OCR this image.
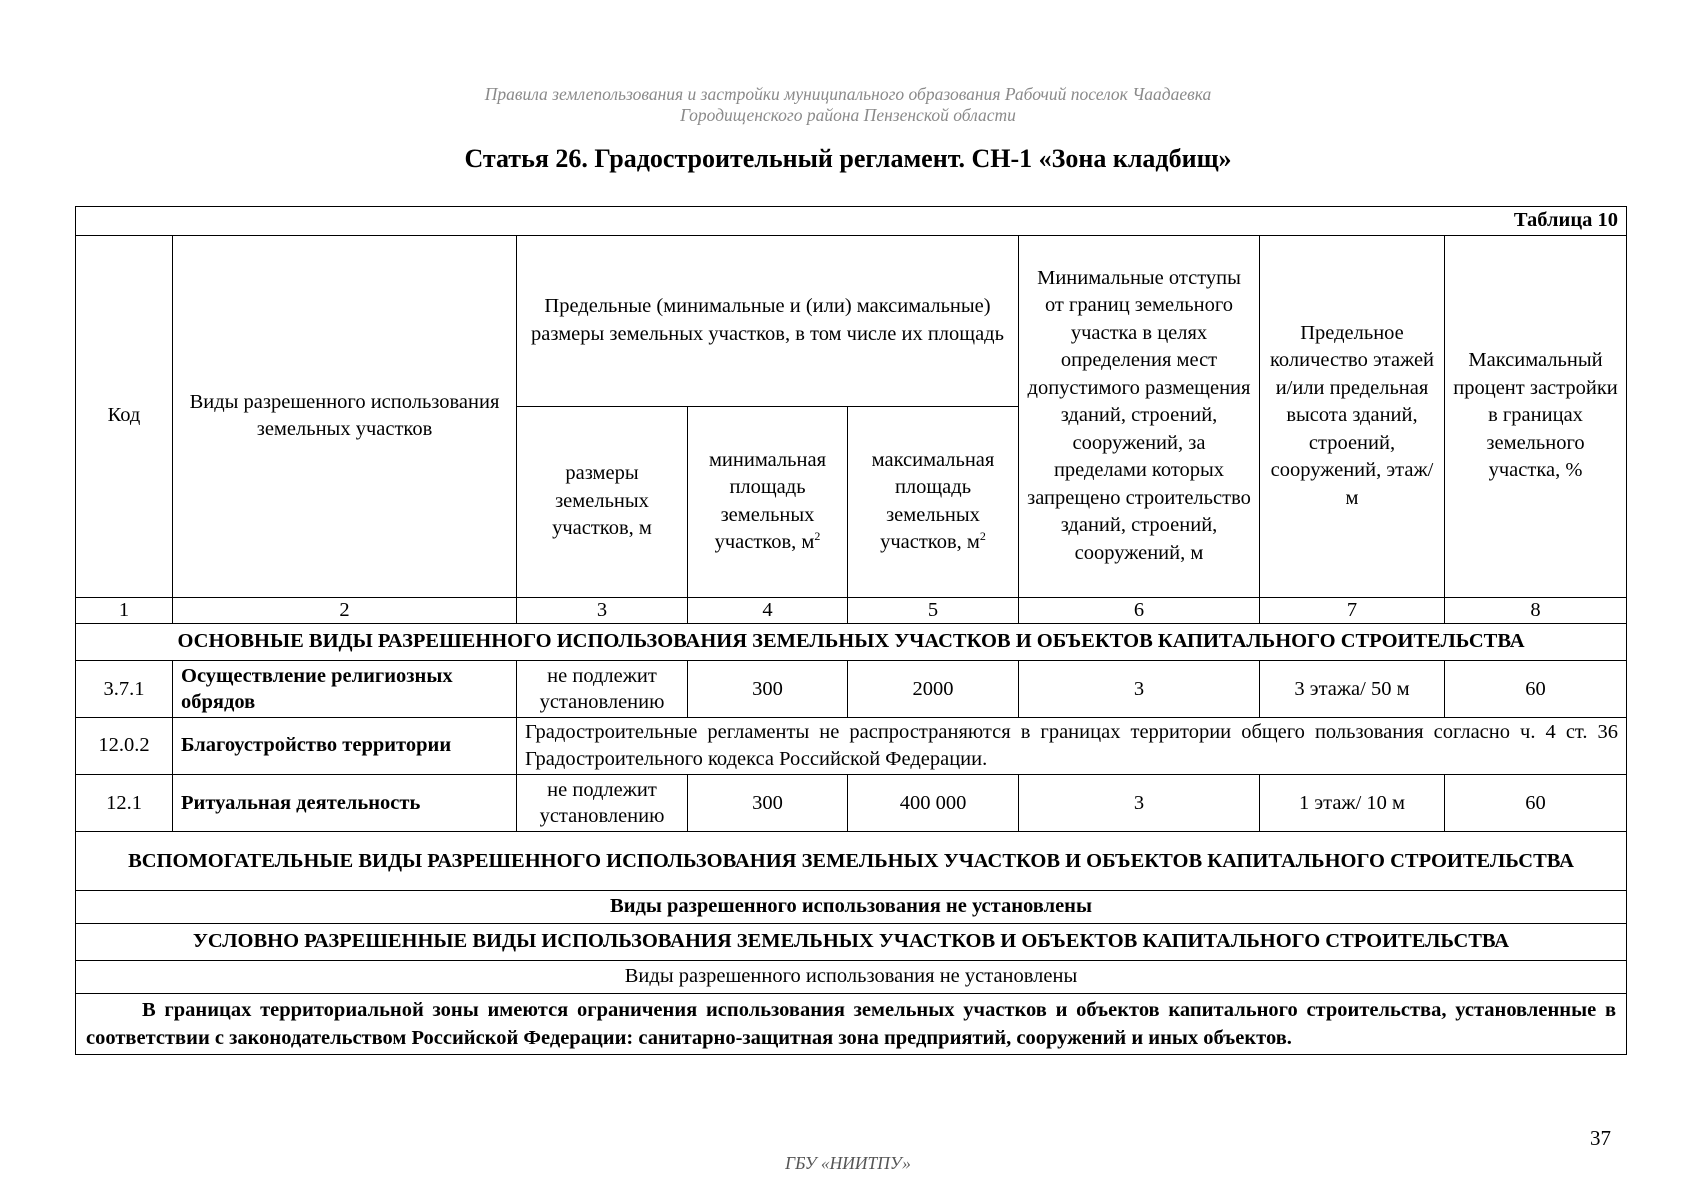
Правила землепользования и застройки муниципального образования Рабочий поселок Чаадаевка
Городищенского района Пензенской области
Статья 26. Градостроительный регламент. СН-1 «Зона кладбищ»
Таблица 10							
Код	Виды разрешенного использования земельных участков	Предельные (минимальные и (или) максимальные) размеры земельных участков, в том числе их площадь			Минимальные отступы от границ земельного участка в целях определения мест допустимого размещения зданий, строений, сооружений, за пределами которых запрещено строительство зданий, строений, сооружений, м	Предельное количество этажей и/или предельная высота зданий, строений, сооружений, этаж/м	Максимальный процент застройки в границах земельного участка, %
		размеры земельных участков, м	минимальная площадь земельных участков, $м^2$	максимальная площадь земельных участков, $м^2$
1	2	3	4	5	6	7	8
ОСНОВНЫЕ ВИДЫ РАЗРЕШЕННОГО ИСПОЛЬЗОВАНИЯ ЗЕМЕЛЬНЫХ УЧАСТКОВ И ОБЪЕКТОВ КАПИТАЛЬНОГО СТРОИТЕЛЬСТВА							
3.7.1	Осуществление религиозных обрядов	не подлежит установлению	300	2000	3	3 этажа/ 50 м	60
12.0.2	Благоустройство территории	Градостроительные регламенты не распространяются в границах территории общего пользования согласно ч. 4 ст. 36 Градостроительного кодекса Российской Федерации.					
12.1	Ритуальная деятельность	не подлежит установлению	300	400 000	3	1 этаж/ 10 м	60
ВСПОМОГАТЕЛЬНЫЕ ВИДЫ РАЗРЕШЕННОГО ИСПОЛЬЗОВАНИЯ ЗЕМЕЛЬНЫХ УЧАСТКОВ И ОБЪЕКТОВ КАПИТАЛЬНОГО СТРОИТЕЛЬСТВА							
Виды разрешенного использования не установлены							
УСЛОВНО РАЗРЕШЕННЫЕ ВИДЫ ИСПОЛЬЗОВАНИЯ ЗЕМЕЛЬНЫХ УЧАСТКОВ И ОБЪЕКТОВ КАПИТАЛЬНОГО СТРОИТЕЛЬСТВА							
Виды разрешенного использования не установлены							
В границах территориальной зоны имеются ограничения использования земельных участков и объектов капитального строительства, установленные в соответствии с законодательством Российской Федерации: санитарно-защитная зона предприятий, сооружений и иных объектов.							
37
ГБУ «НИИТПУ»
